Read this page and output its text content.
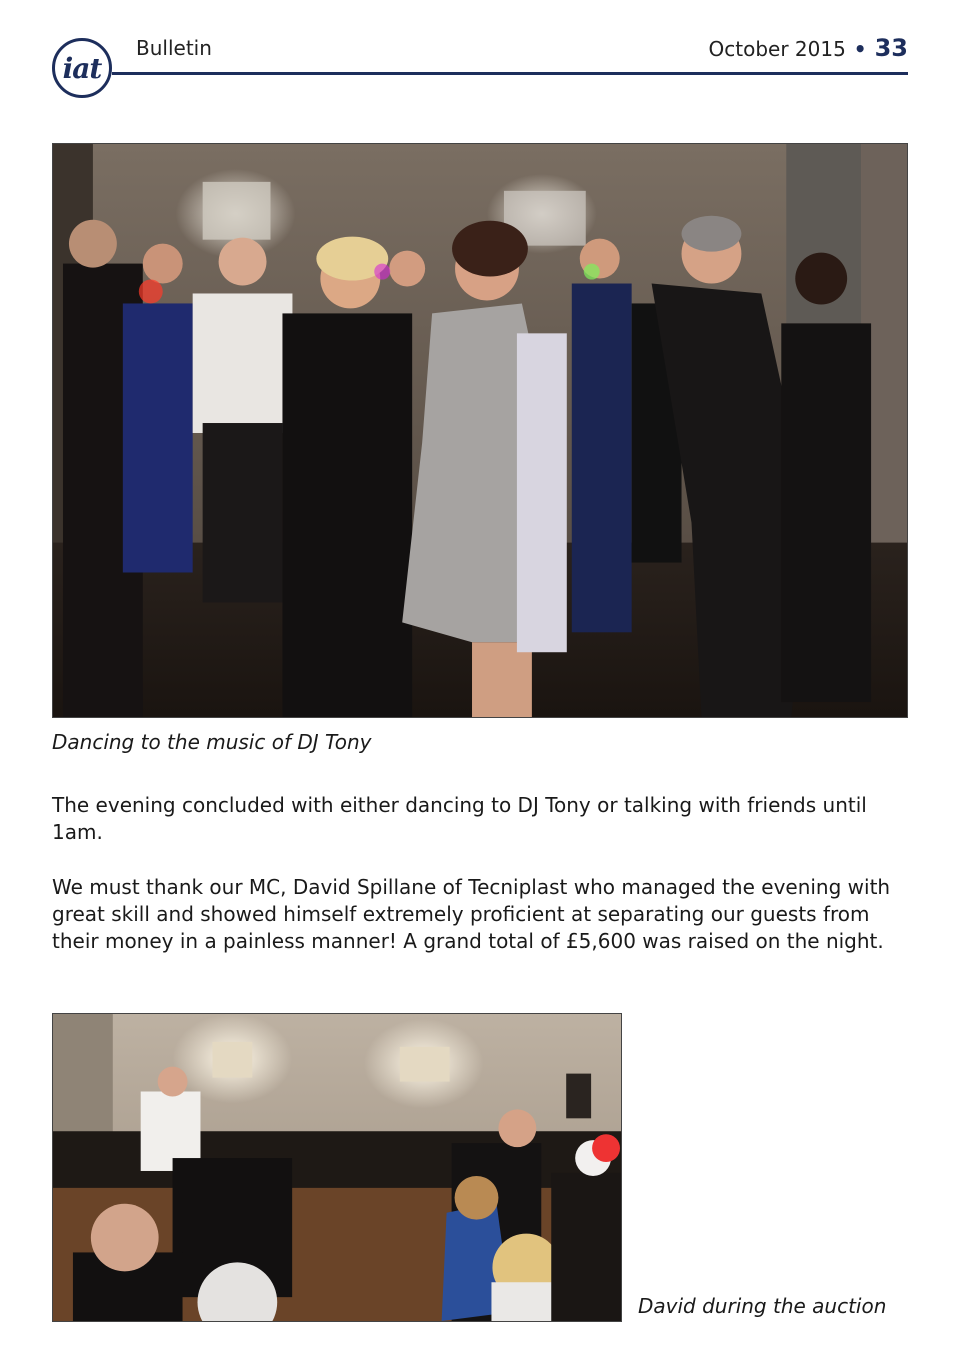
iat
Bulletin	October 2015 • 33
Dancing to the music of DJ Tony

The evening concluded with either dancing to DJ Tony or talking with friends until 1am.

We must thank our MC, David Spillane of Tecniplast who managed the evening with great skill and showed himself extremely proficient at separating our guests from their money in a painless manner! A grand total of £5,600 was raised on the night.

David during the auction
